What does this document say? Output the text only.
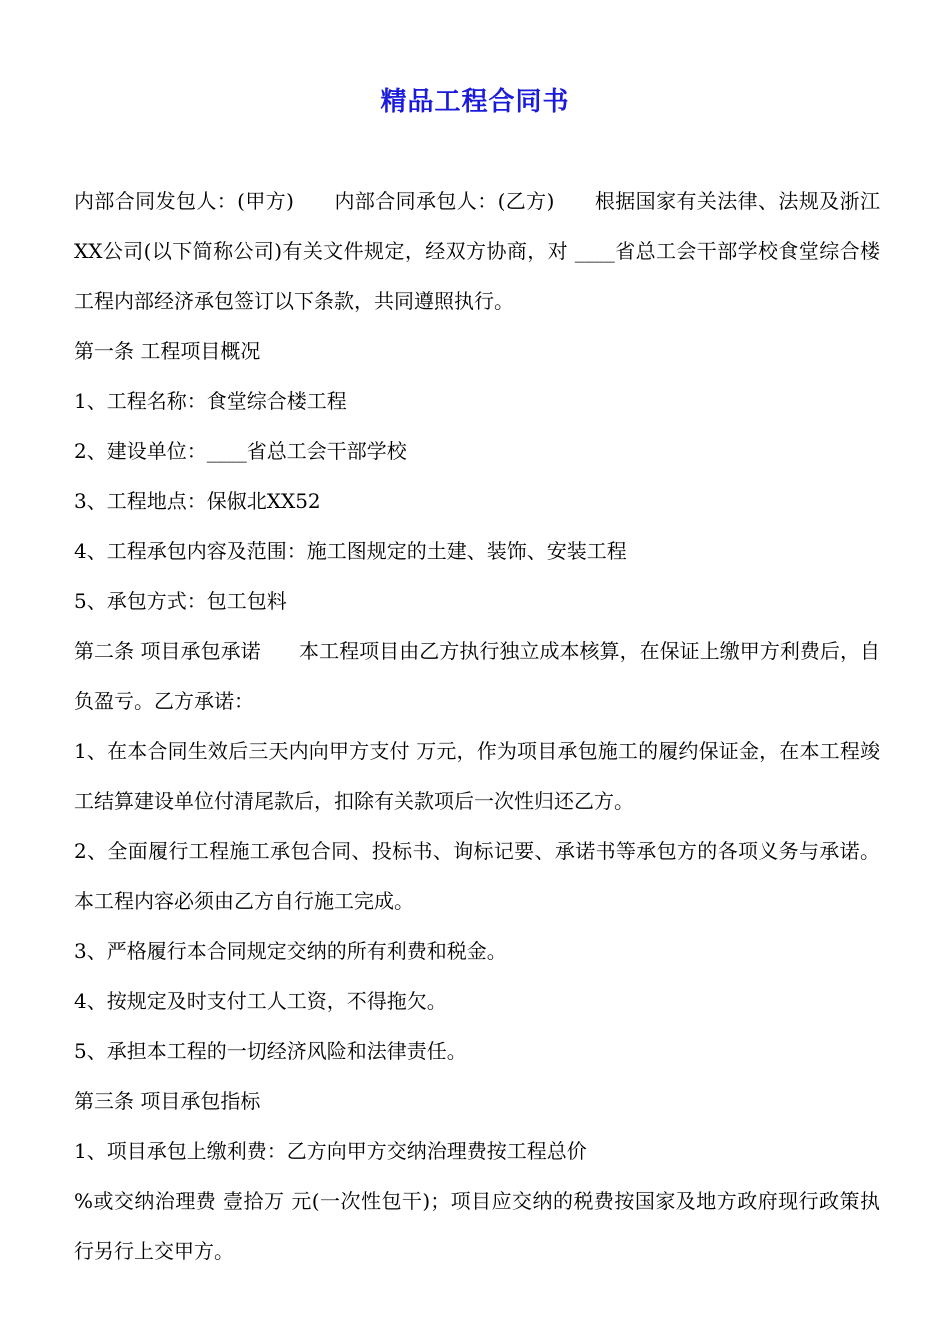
精品工程合同书

内部合同发包人：(甲方)      内部合同承包人：(乙方)      根据国家有关法律、法规及浙江XX公司(以下简称公司)有关文件规定，经双方协商，对 ____省总工会干部学校食堂综合楼工程内部经济承包签订以下条款，共同遵照执行。

第一条 工程项目概况

1、工程名称：食堂综合楼工程

2、建设单位：____省总工会干部学校

3、工程地点：保俶北XX52

4、工程承包内容及范围：施工图规定的土建、装饰、安装工程

5、承包方式：包工包料

第二条 项目承包承诺      本工程项目由乙方执行独立成本核算，在保证上缴甲方利费后，自负盈亏。乙方承诺：

1、在本合同生效后三天内向甲方支付 万元，作为项目承包施工的履约保证金，在本工程竣工结算建设单位付清尾款后，扣除有关款项后一次性归还乙方。

2、全面履行工程施工承包合同、投标书、询标记要、承诺书等承包方的各项义务与承诺。本工程内容必须由乙方自行施工完成。

3、严格履行本合同规定交纳的所有利费和税金。

4、按规定及时支付工人工资，不得拖欠。

5、承担本工程的一切经济风险和法律责任。

第三条 项目承包指标

1、项目承包上缴利费：乙方向甲方交纳治理费按工程总价

%或交纳治理费 壹拾万 元(一次性包干)；项目应交纳的税费按国家及地方政府现行政策执行另行上交甲方。
